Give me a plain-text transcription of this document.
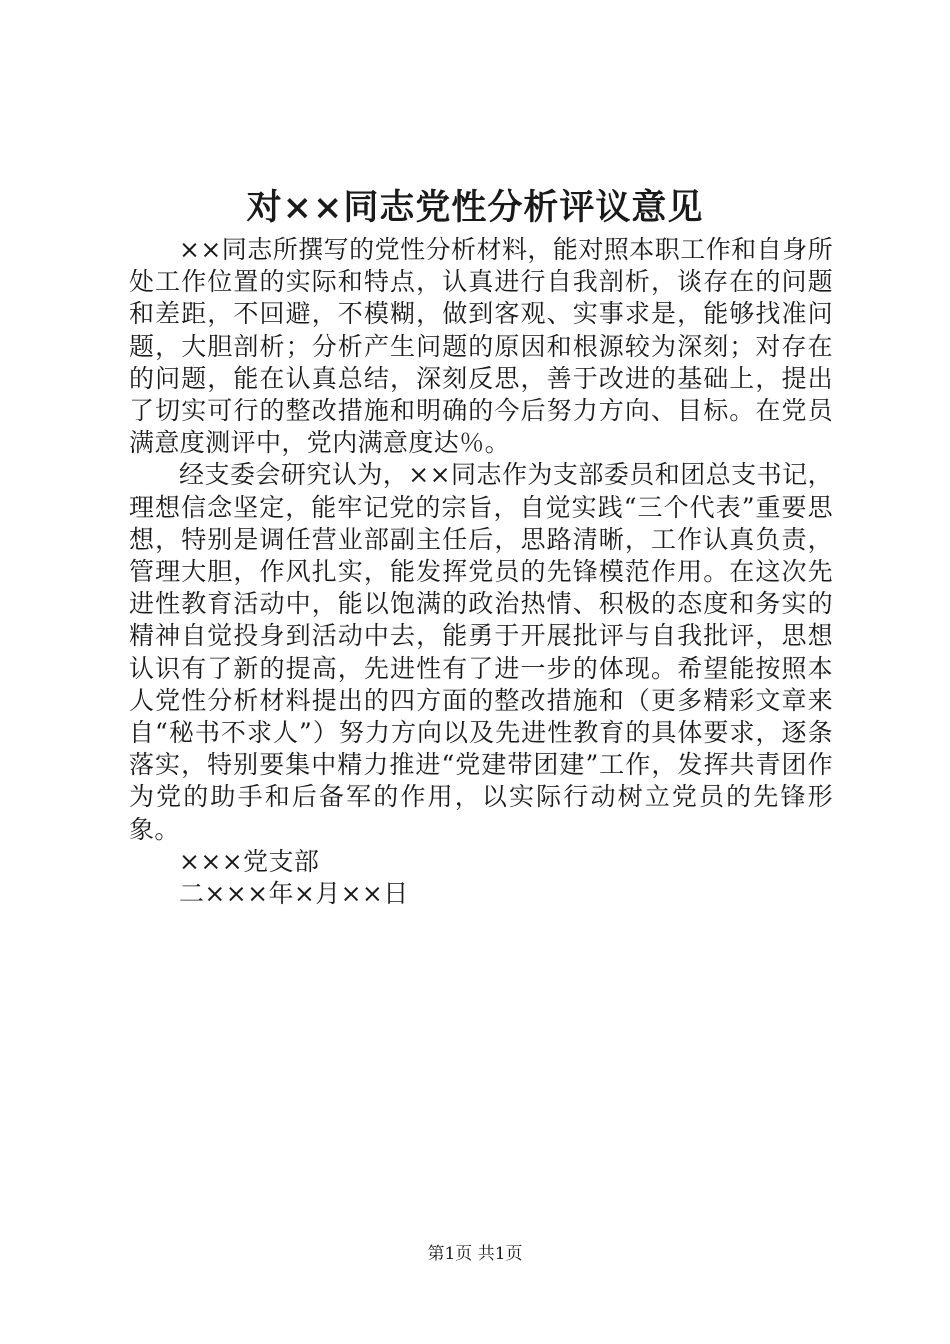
对××同志党性分析评议意见

××同志所撰写的党性分析材料，能对照本职工作和自身所处工作位置的实际和特点，认真进行自我剖析，谈存在的问题和差距，不回避，不模糊，做到客观、实事求是，能够找准问题，大胆剖析；分析产生问题的原因和根源较为深刻；对存在的问题，能在认真总结，深刻反思，善于改进的基础上，提出了切实可行的整改措施和明确的今后努力方向、目标。在党员满意度测评中，党内满意度达％。

经支委会研究认为，××同志作为支部委员和团总支书记，理想信念坚定，能牢记党的宗旨，自觉实践“三个代表”重要思想，特别是调任营业部副主任后，思路清晰，工作认真负责，管理大胆，作风扎实，能发挥党员的先锋模范作用。在这次先进性教育活动中，能以饱满的政治热情、积极的态度和务实的精神自觉投身到活动中去，能勇于开展批评与自我批评，思想认识有了新的提高，先进性有了进一步的体现。希望能按照本人党性分析材料提出的四方面的整改措施和（更多精彩文章来自“秘书不求人”）努力方向以及先进性教育的具体要求，逐条落实，特别要集中精力推进“党建带团建”工作，发挥共青团作为党的助手和后备军的作用，以实际行动树立党员的先锋形象。

×××党支部

二×××年×月××日

第1页 共1页
